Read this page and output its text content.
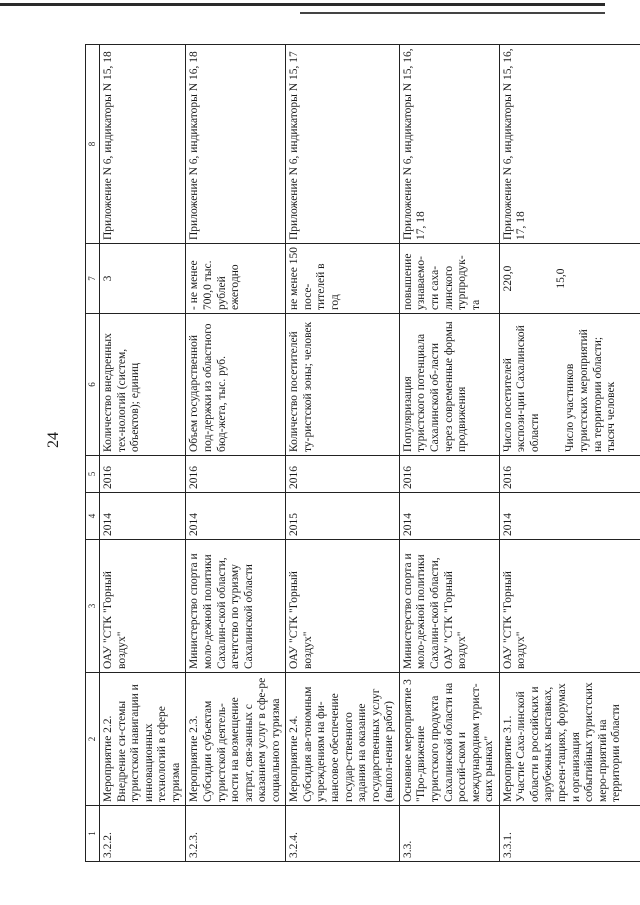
24
1	2	3	4	5	6	7	8
3.2.2.	Мероприятие 2.2. Внедрение си-стемы туристской навигации и инновационных технологий в сфере туризма	ОАУ "СТК "Горный воздух"	2014	2016	Количество внедренных тех-нологий (систем, объектов); единиц	3	Приложение N 6, индикаторы N 15, 18
3.2.3.	Мероприятие 2.3. Субсидии субъектам туристской деятель-ности на возмещение затрат, свя-занных с оказанием услуг в сфе-ре социального туризма	Министерство спорта и моло-дежной политики Сахалин-ской области, агентство по туризму Сахалинской области	2014	2016	Объем государственной под-держки из областного бюд-жета, тыс. руб.	- не менее 700,0 тыс. рублей ежегодно	Приложение N 6, индикаторы N 16, 18
3.2.4.	Мероприятие 2.4. Субсидия ав-тономным учреждениям на фи-нансовое обеспечение государ-ственного задания на оказание государственных услуг (выпол-нение работ)	ОАУ "СТК "Горный воздух"	2015	2016	Количество посетителей ту-ристской зоны; человек	не менее 150 посе-тителей в год	Приложение N 6, индикаторы N 15, 17
3.3.	Основное мероприятие 3 "Про-движение туристского продукта Сахалинской области на россий-ском и международном турист-ских рынках"	Министерство спорта и моло-дежной политики Сахалин-ской области, ОАУ "СТК "Горный воздух"	2014	2016	Популяризация туристского потенциала Сахалинской об-ласти через современные формы продвижения	повышение узнаваемо-сти саха-линского турпродук-та	Приложение N 6, индикаторы N 15, 16, 17, 18
3.3.1.	Мероприятие 3.1. Участие Саха-линской области в российских и зарубежных выставках, презен-тациях, форумах и организация событийных туристских меро-приятий на территории области	ОАУ "СТК "Горный воздух"	2014	2016	Число посетителей экспози-ции Сахалинской области Число участников туристских мероприятий на территории области; тысяч человек	220,0 15,0	Приложение N 6, индикаторы N 15, 16, 17, 18
